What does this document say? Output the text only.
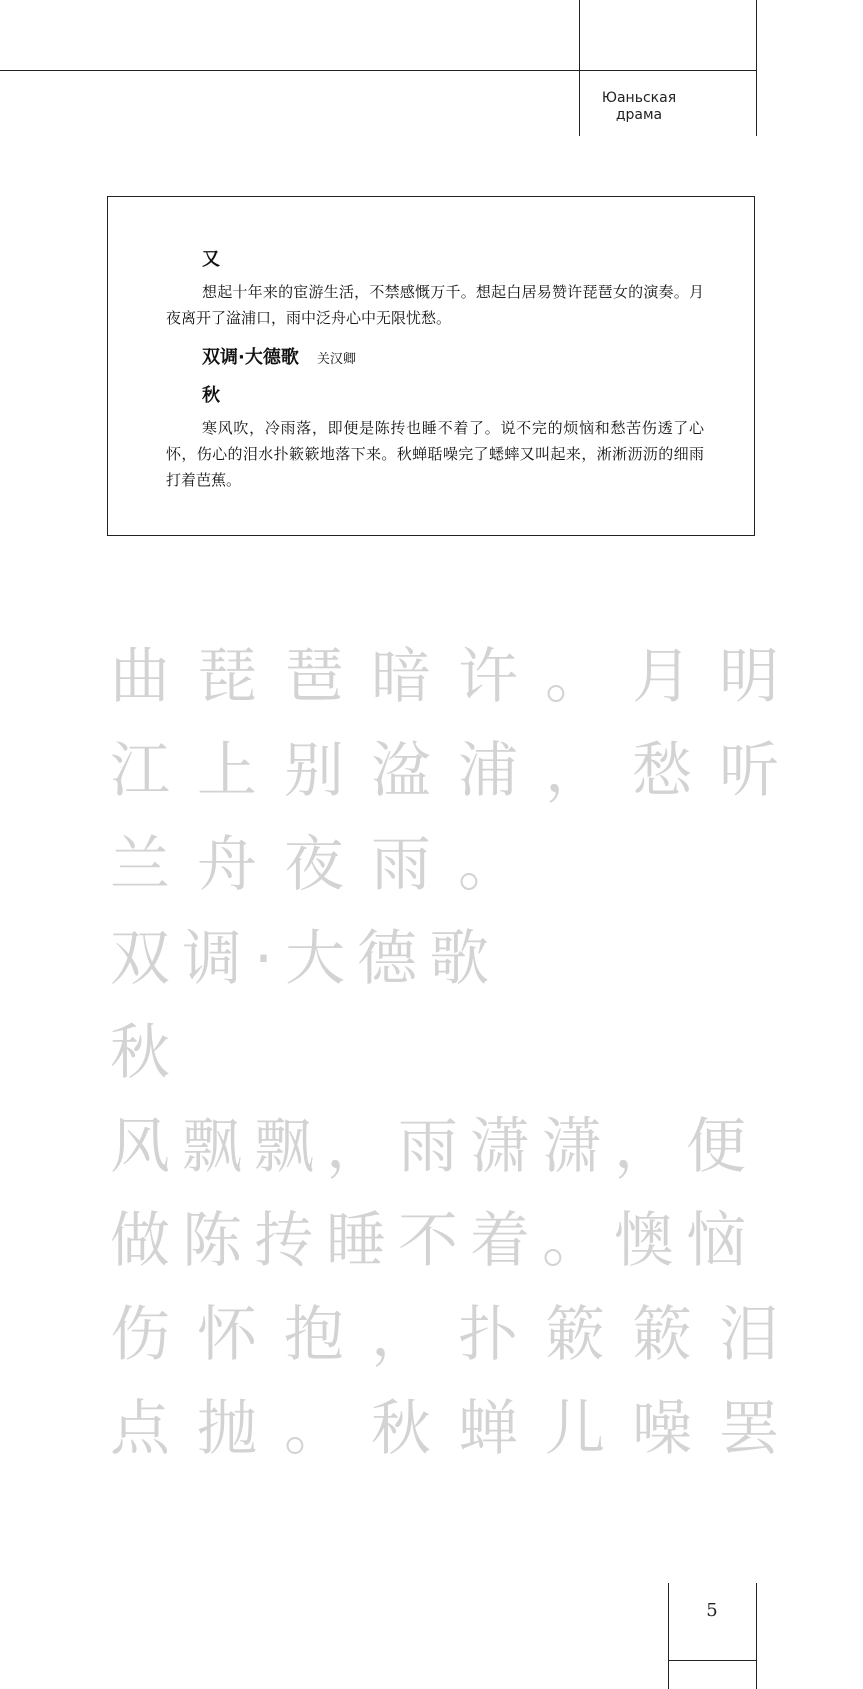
Юаньская
драма
又
想起十年来的宦游生活，不禁感慨万千。想起白居易赞许琵琶女的演奏。月夜离开了湓浦口，雨中泛舟心中无限忧愁。
双调·大德歌 关汉卿
秋
寒风吹，冷雨落，即便是陈抟也睡不着了。说不完的烦恼和愁苦伤透了心怀，伤心的泪水扑簌簌地落下来。秋蝉聒噪完了蟋蟀又叫起来，淅淅沥沥的细雨打着芭蕉。
曲琵琶暗许。月明
江上别湓浦，愁听
兰舟夜雨。
双调·大德歌
秋
风飘飘，雨潇潇，便
做陈抟睡不着。懊恼
伤怀抱，扑簌簌泪
点抛。秋蝉儿噪罢
5
